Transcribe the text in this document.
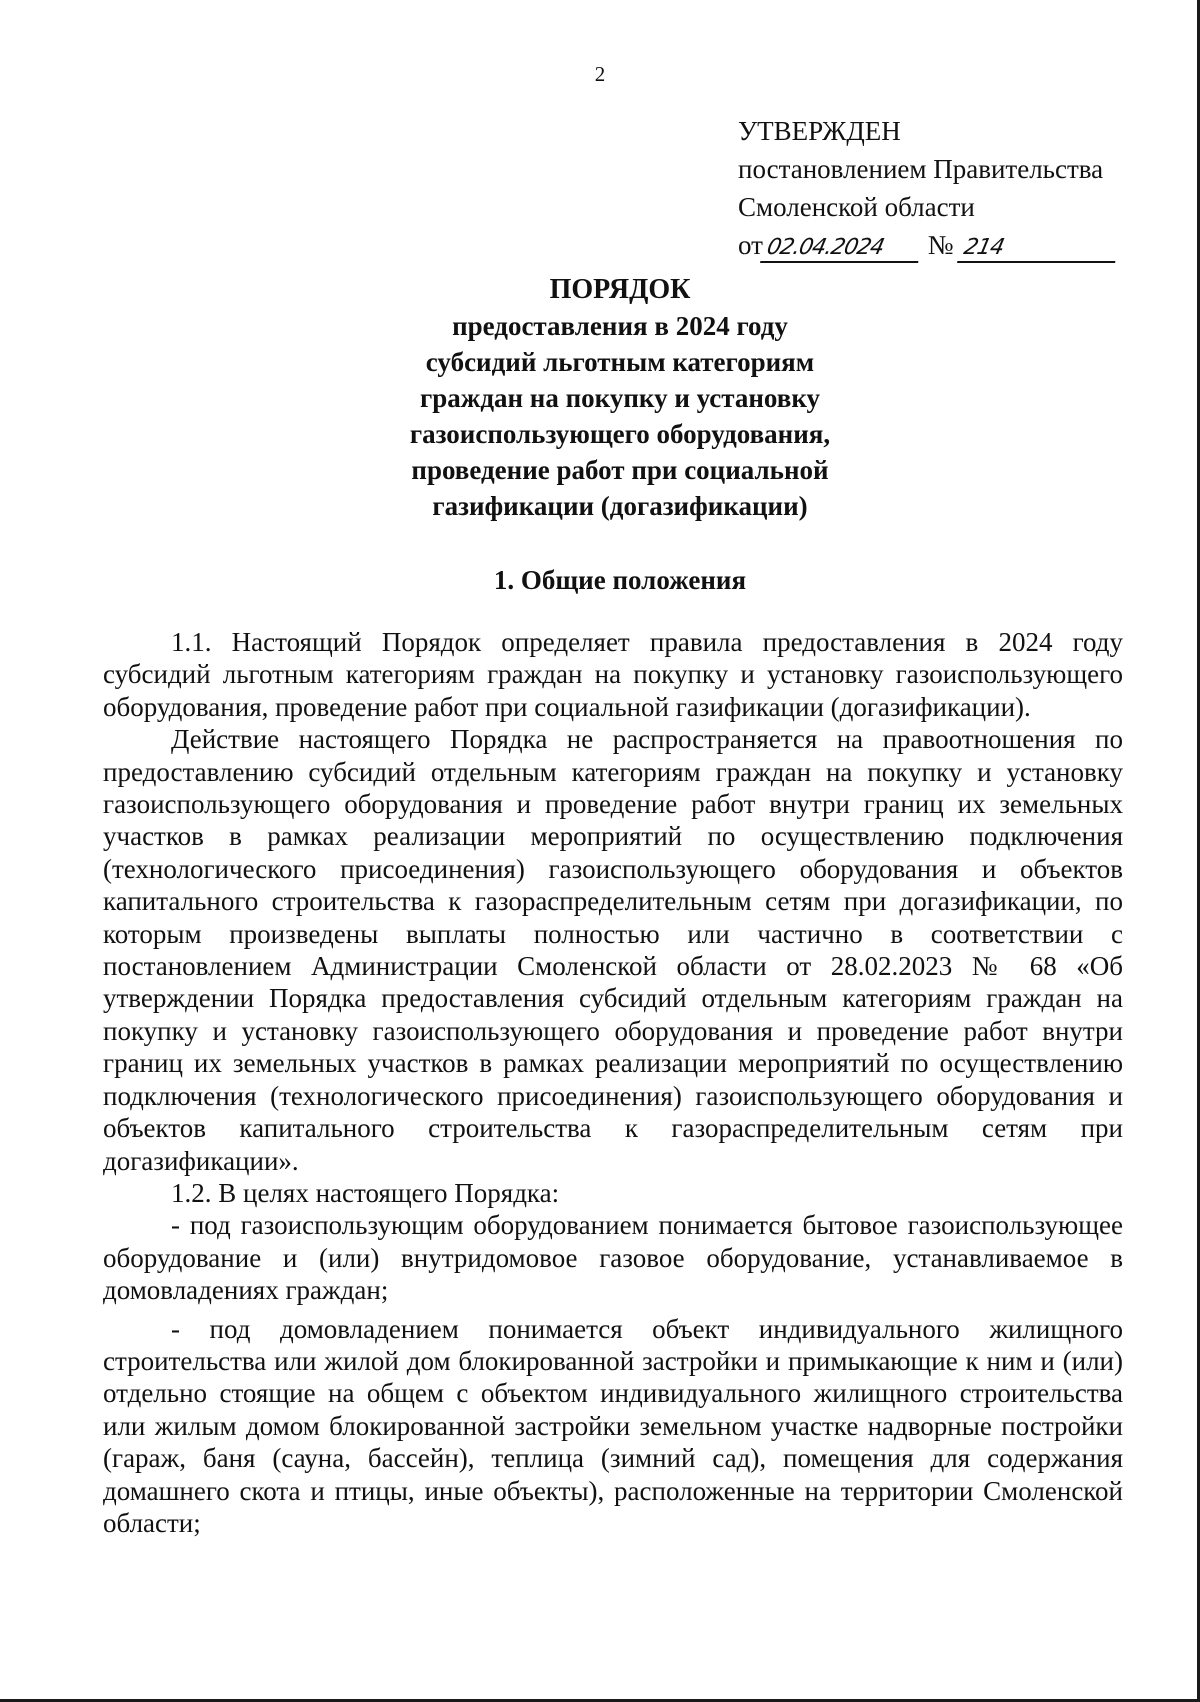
2
УТВЕРЖДЕН
постановлением Правительства
Смоленской области
от02.04.2024 № 214
ПОРЯДОК
предоставления в 2024 году
субсидий льготным категориям
граждан на покупку и установку
газоиспользующего оборудования,
проведение работ при социальной
газификации (догазификации)
1. Общие положения

1.1. Настоящий Порядок определяет правила предоставления в 2024 году субсидий льготным категориям граждан на покупку и установку газоиспользующего оборудования, проведение работ при социальной газификации (догазификации).

Действие настоящего Порядка не распространяется на правоотношения по предоставлению субсидий отдельным категориям граждан на покупку и установку газоиспользующего оборудования и проведение работ внутри границ их земельных участков в рамках реализации мероприятий по осуществлению подключения (технологического присоединения) газоиспользующего оборудования и объектов капитального строительства к газораспределительным сетям при догазификации, по которым произведены выплаты полностью или частично в соответствии с постановлением Администрации Смоленской области от 28.02.2023 № 68 «Об утверждении Порядка предоставления субсидий отдельным категориям граждан на покупку и установку газоиспользующего оборудования и проведение работ внутри границ их земельных участков в рамках реализации мероприятий по осуществлению подключения (технологического присоединения) газоиспользующего оборудования и объектов капитального строительства к газораспределительным сетям при догазификации».

1.2. В целях настоящего Порядка:

- под газоиспользующим оборудованием понимается бытовое газоиспользующее оборудование и (или) внутридомовое газовое оборудование, устанавливаемое в домовладениях граждан;

- под домовладением понимается объект индивидуального жилищного строительства или жилой дом блокированной застройки и примыкающие к ним и (или) отдельно стоящие на общем с объектом индивидуального жилищного строительства или жилым домом блокированной застройки земельном участке надворные постройки (гараж, баня (сауна, бассейн), теплица (зимний сад), помещения для содержания домашнего скота и птицы, иные объекты), расположенные на территории Смоленской области;
